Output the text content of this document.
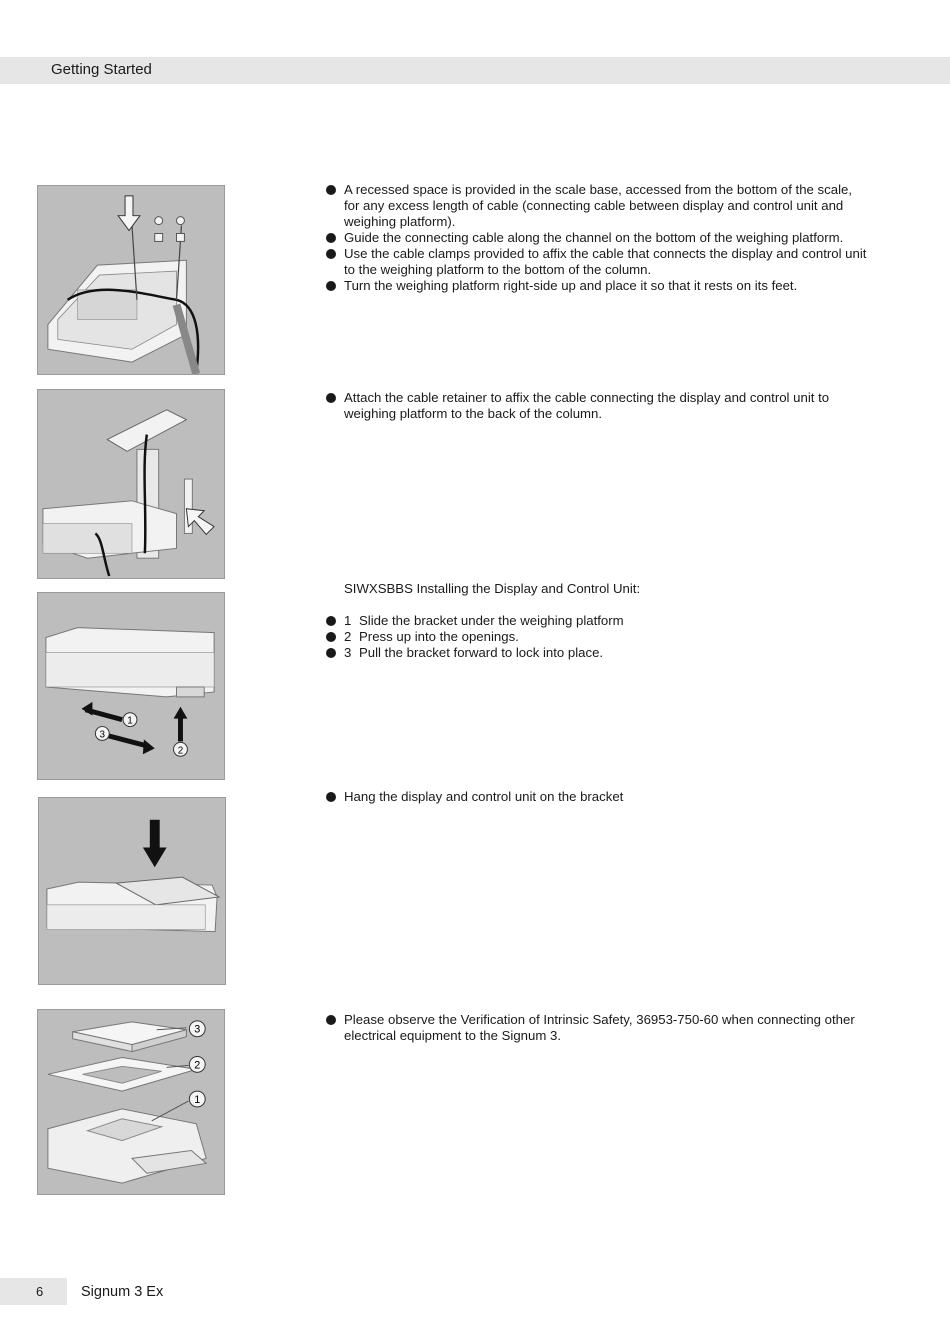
Getting Started
1
3
2
3
2
1
A recessed space is provided in the scale base, accessed from the bottom of the scale, for any excess length of cable (connecting cable between display and control unit and weighing platform).
Guide the connecting cable along the channel on the bottom of the weighing platform.
Use the cable clamps provided to affix the cable that connects the display and control unit to the weighing platform to the bottom of the column.
Turn the weighing platform right-side up and place it so that it rests on its feet.
Attach the cable retainer to affix the cable connecting the display and control unit to weighing platform to the back of the column.
SIWXSBBS Installing the Display and Control Unit:
1 Slide the bracket under the weighing platform
2 Press up into the openings.
3 Pull the bracket forward to lock into place.
Hang the display and control unit on the bracket
Please observe the Verification of Intrinsic Safety, 36953-750-60 when connecting other electrical equipment to the Signum 3.
6	Signum 3 Ex
